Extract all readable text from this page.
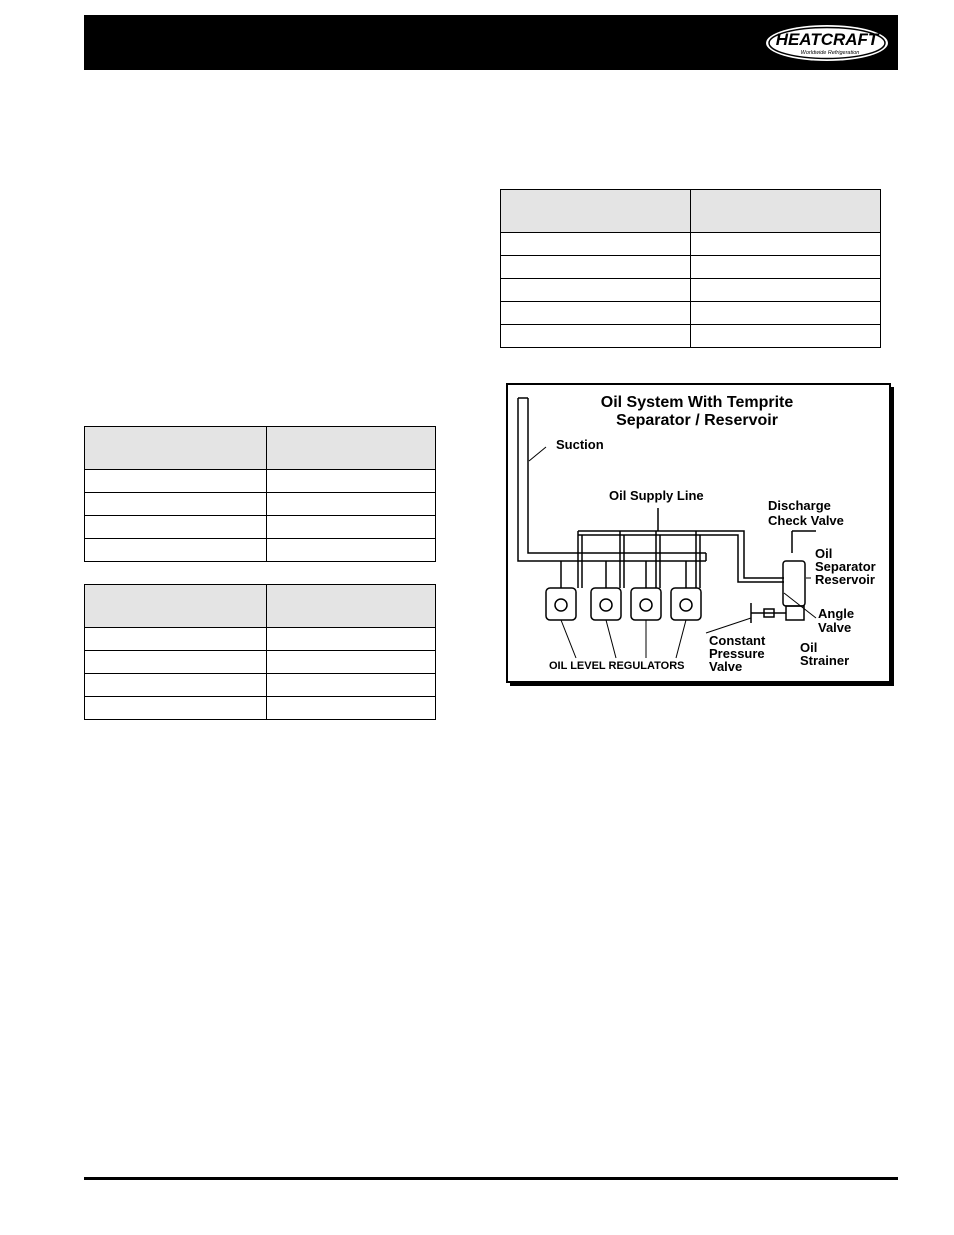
HEATCRAFT
Worldwide Refrigeration

Oil System With Temprite
Separator / Reservoir
Suction
Oil Supply Line
Discharge
Check Valve
Oil
Separator
Reservoir
Angle
Valve
Constant
Pressure
Valve
Oil
Strainer
OIL LEVEL REGULATORS
